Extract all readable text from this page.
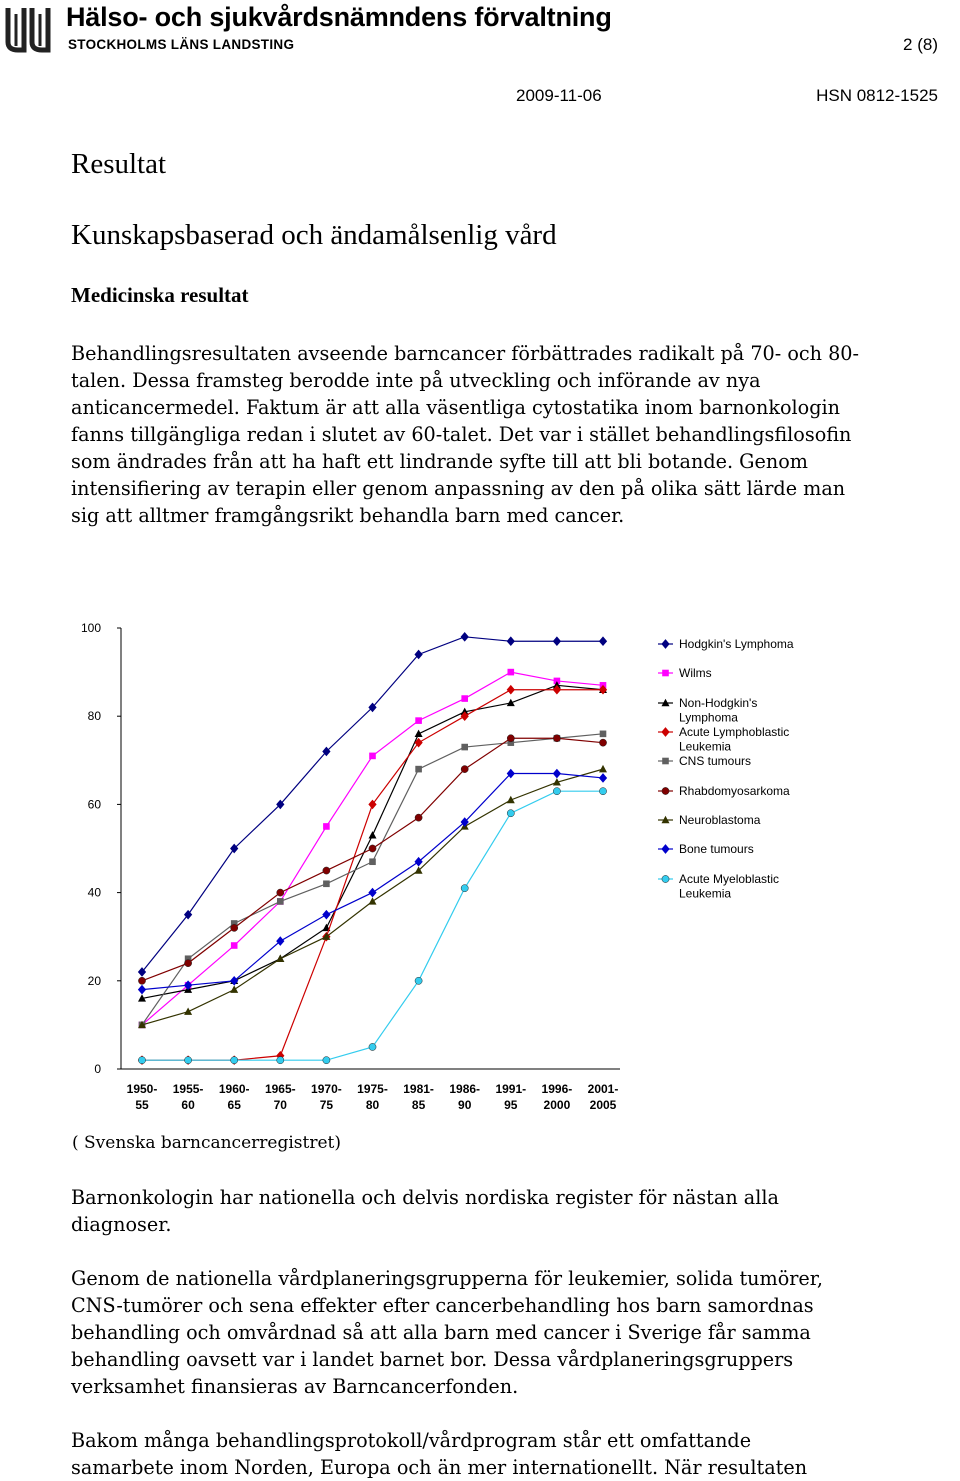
Hälso- och sjukvårdsnämndens förvaltning
STOCKHOLMS LÄNS LANDSTING	2 (8)
2009-11-06	HSN 0812-1525
Resultat
Kunskapsbaserad och ändamålsenlig vård
Medicinska resultat
Behandlingsresultaten avseende barncancer förbättrades radikalt på 70- och 80-
talen. Dessa framsteg berodde inte på utveckling och införande av nya
anticancermedel. Faktum är att alla väsentliga cytostatika inom barnonkologin
fanns tillgängliga redan i slutet av 60-talet. Det var i stället behandlingsfilosofin
som ändrades från att ha haft ett lindrande syfte till att bli botande. Genom
intensifiering av terapin eller genom anpassning av den på olika sätt lärde man
sig att alltmer framgångsrikt behandla barn med cancer.
0
20
40
60
80
100
1950-
55
1955-
60
1960-
65
1965-
70
1970-
75
1975-
80
1981-
85
1986-
90
1991-
95
1996-
2000
2001-
2005
Hodgkin's Lymphoma
Wilms
Non-Hodgkin's
Lymphoma
Acute Lymphoblastic
Leukemia
CNS tumours
Rhabdomyosarkoma
Neuroblastoma
Bone tumours
Acute Myeloblastic
Leukemia
( Svenska barncancerregistret)
Barnonkologin har nationella och delvis nordiska register för nästan alla
diagnoser.
Genom de nationella vårdplaneringsgrupperna för leukemier, solida tumörer,
CNS-tumörer och sena effekter efter cancerbehandling hos barn samordnas
behandling och omvårdnad så att alla barn med cancer i Sverige får samma
behandling oavsett var i landet barnet bor. Dessa vårdplaneringsgruppers
verksamhet finansieras av Barncancerfonden.
Bakom många behandlingsprotokoll/vårdprogram står ett omfattande
samarbete inom Norden, Europa och än mer internationellt. När resultaten
